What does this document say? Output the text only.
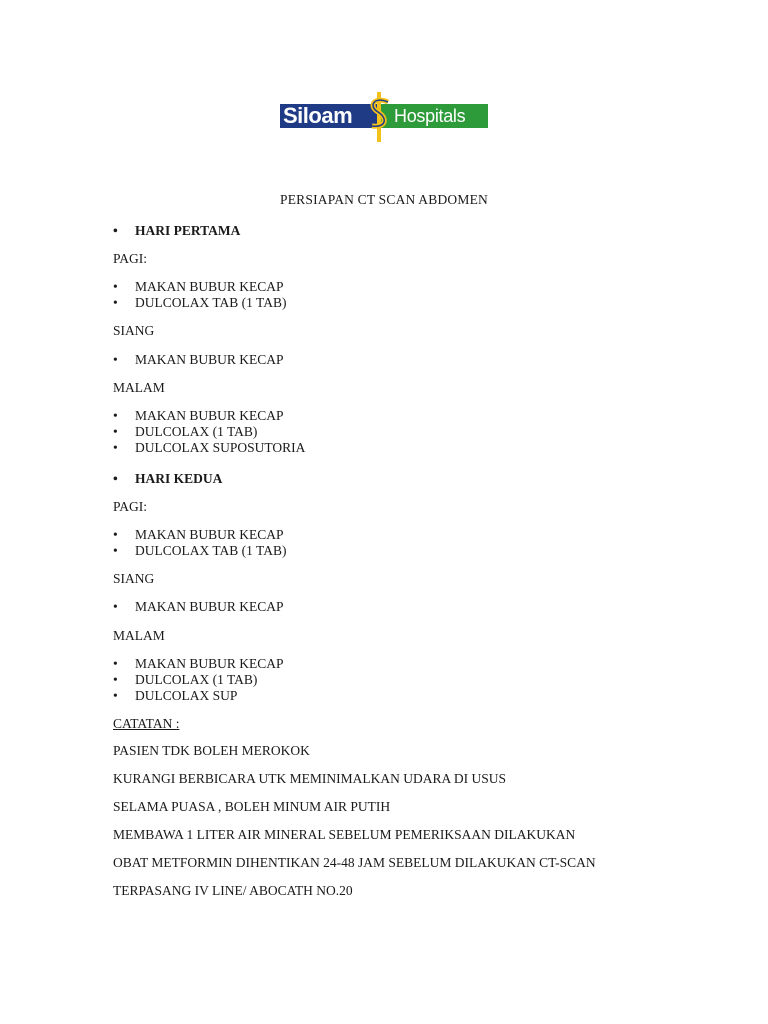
Siloam Hospitals
PERSIAPAN CT SCAN ABDOMEN
• HARI PERTAMA
PAGI:
• MAKAN BUBUR KECAP
• DULCOLAX TAB (1 TAB)
SIANG
• MAKAN BUBUR KECAP
MALAM
• MAKAN BUBUR KECAP
• DULCOLAX (1 TAB)
• DULCOLAX SUPOSUTORIA
• HARI KEDUA
PAGI:
• MAKAN BUBUR KECAP
• DULCOLAX TAB (1 TAB)
SIANG
• MAKAN BUBUR KECAP
MALAM
• MAKAN BUBUR KECAP
• DULCOLAX (1 TAB)
• DULCOLAX SUP
CATATAN :
PASIEN TDK BOLEH MEROKOK
KURANGI BERBICARA UTK MEMINIMALKAN UDARA DI USUS
SELAMA PUASA , BOLEH MINUM AIR PUTIH
MEMBAWA 1 LITER AIR MINERAL SEBELUM PEMERIKSAAN DILAKUKAN
OBAT METFORMIN DIHENTIKAN 24-48 JAM SEBELUM DILAKUKAN CT-SCAN
TERPASANG IV LINE/ ABOCATH NO.20
